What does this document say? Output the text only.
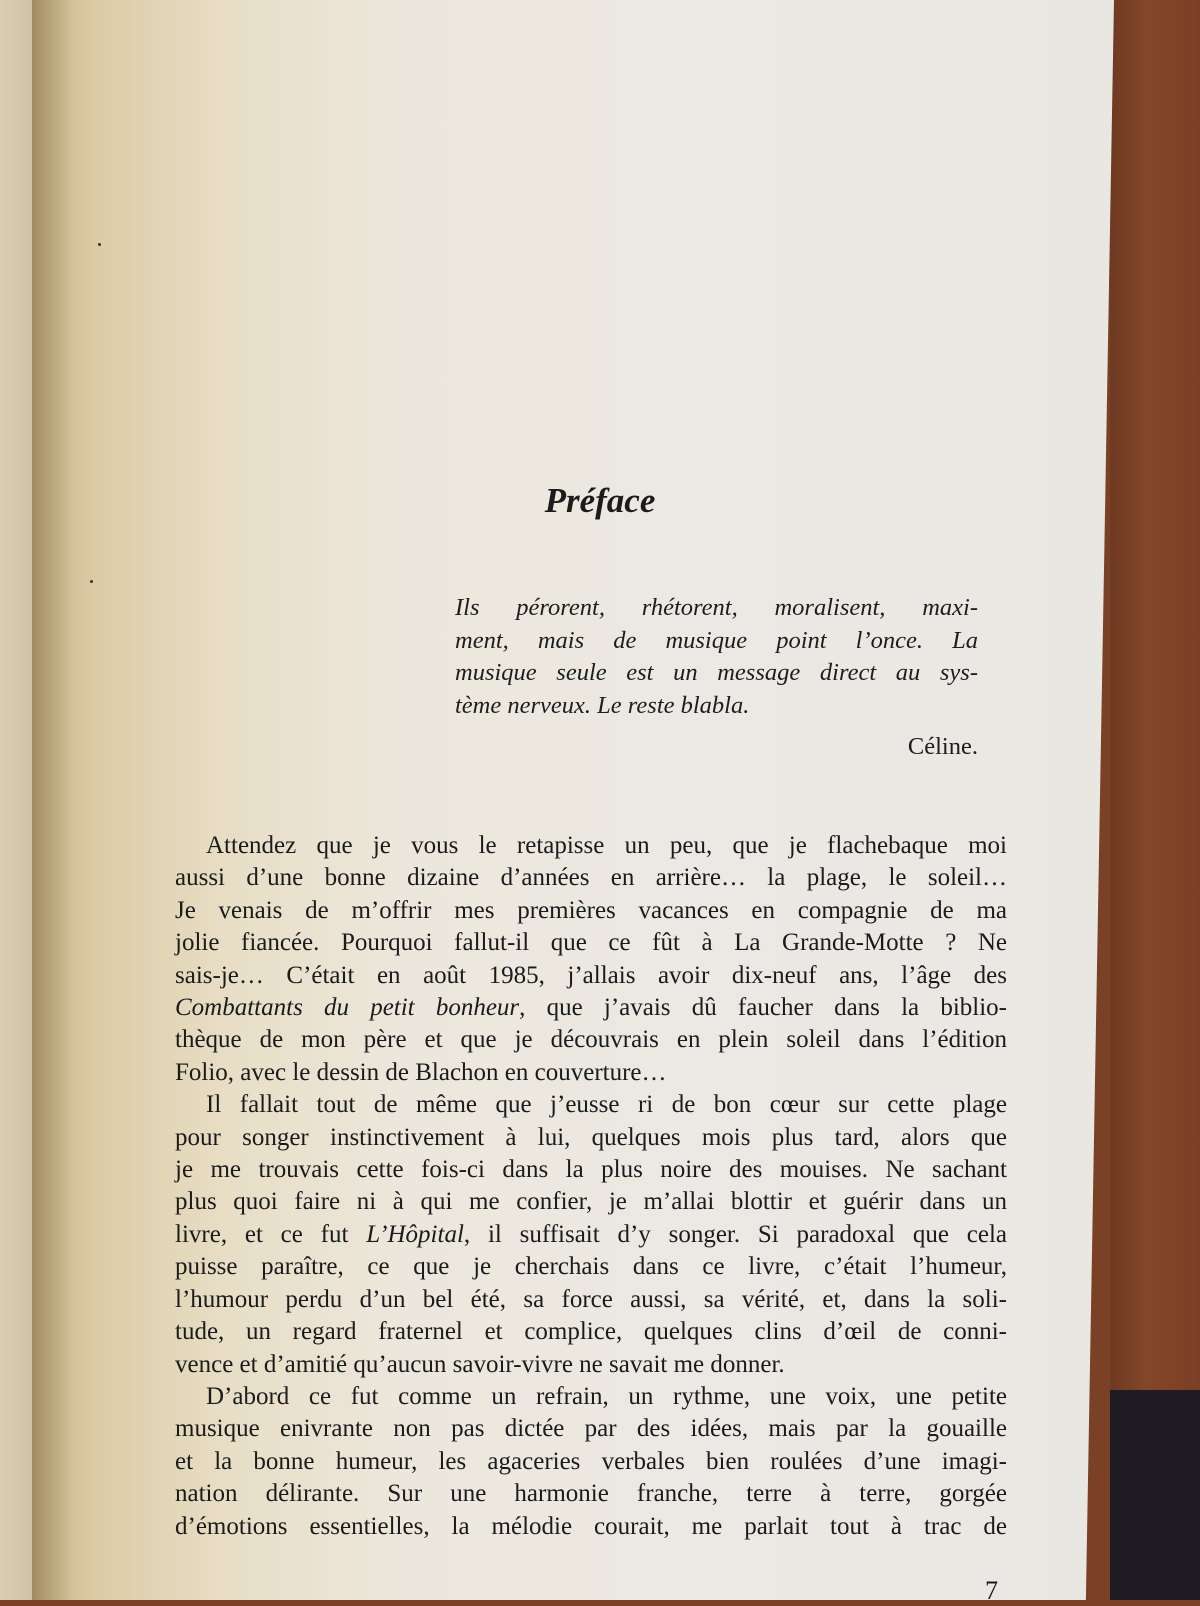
Préface
Ils pérorent, rhétorent, moralisent, maxi-
ment, mais de musique point l’once. La
musique seule est un message direct au sys-
tème nerveux. Le reste blabla.
Céline.
Attendez que je vous le retapisse un peu, que je flachebaque moi
aussi d’une bonne dizaine d’années en arrière… la plage, le soleil…
Je venais de m’offrir mes premières vacances en compagnie de ma
jolie fiancée. Pourquoi fallut-il que ce fût à La Grande-Motte ? Ne
sais-je… C’était en août 1985, j’allais avoir dix-neuf ans, l’âge des
Combattants du petit bonheur, que j’avais dû faucher dans la biblio-
thèque de mon père et que je découvrais en plein soleil dans l’édition
Folio, avec le dessin de Blachon en couverture…
Il fallait tout de même que j’eusse ri de bon cœur sur cette plage
pour songer instinctivement à lui, quelques mois plus tard, alors que
je me trouvais cette fois-ci dans la plus noire des mouises. Ne sachant
plus quoi faire ni à qui me confier, je m’allai blottir et guérir dans un
livre, et ce fut L’Hôpital, il suffisait d’y songer. Si paradoxal que cela
puisse paraître, ce que je cherchais dans ce livre, c’était l’humeur,
l’humour perdu d’un bel été, sa force aussi, sa vérité, et, dans la soli-
tude, un regard fraternel et complice, quelques clins d’œil de conni-
vence et d’amitié qu’aucun savoir-vivre ne savait me donner.
D’abord ce fut comme un refrain, un rythme, une voix, une petite
musique enivrante non pas dictée par des idées, mais par la gouaille
et la bonne humeur, les agaceries verbales bien roulées d’une imagi-
nation délirante. Sur une harmonie franche, terre à terre, gorgée
d’émotions essentielles, la mélodie courait, me parlait tout à trac de
7
